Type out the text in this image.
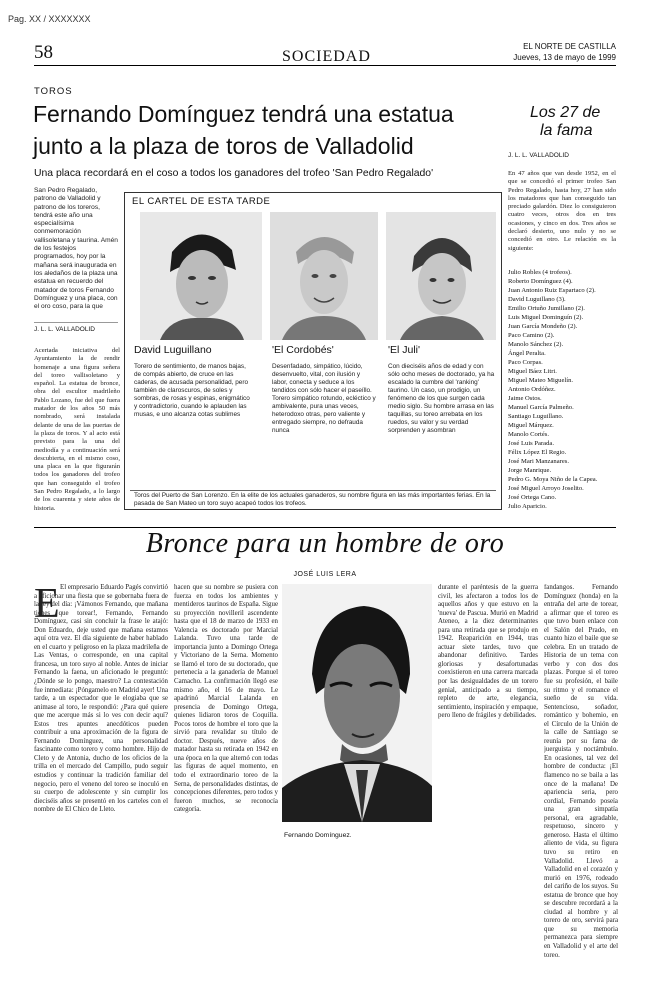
Pag. XX / XXXXXXX
58	SOCIEDAD
EL NORTE DE CASTILLA
Jueves, 13 de mayo de 1999
TOROS
Fernando Domínguez tendrá una estatua
junto a la plaza de toros de Valladolid
Una placa recordará en el coso a todos los ganadores del trofeo 'San Pedro Regalado'
Los 27 de
la fama
J. L. L. VALLADOLID
San Pedro Regalado, patrono de Valladolid y patrono de los toreros, tendrá este año una especialísima conmemoración vallisoletana y taurina. Amén de los festejos programados, hoy por la mañana será inaugurada en los aledaños de la plaza una estatua en recuerdo del matador de toros Fernando Domínguez y una placa, con el oro coso, para la que
J. L. L. VALLADOLID
Acertada iniciativa del Ayuntamiento la de rendir homenaje a una figura señera del toreo vallisoletano y español. La estatua de bronce, obra del escultor madrileño Pablo Lozano, fue del que fuera matador de los años 50 más nombrado, será instalada delante de una de las puertas de la plaza de toros. Y al acto está previsto para la una del mediodía y a continuación será descubierta, en el mismo coso, una placa en la que figurarán todos los ganadores del trofeo que han conseguido el trofeo San Pedro Regalado, a lo largo de los cuarenta y siete años de historia.
EL CARTEL DE ESTA TARDE
David Luguillano
Torero de sentimiento, de manos bajas, de compás abierto, de cruce en las caderas, de acusada personalidad, pero también de claroscuros, de soles y sombras, de rosas y espinas, enigmático y contradictorio, cuando le aplauden las musas, e uno alcanza cotas sublimes
'El Cordobés'
Desenfadado, simpático, lúcido, desenvuelto, vital, con ilusión y labor, conecta y seduce a los tendidos con sólo hacer el paseíllo. Torero simpático rotundo, ecléctico y ambivalente, pura unas veces, heterodoxo otras, pero valiente y entregado siempre, no defrauda nunca
'El Juli'
Con dieciséis años de edad y con sólo ocho meses de doctorado, ya ha escalado la cumbre del 'ranking' taurino. Un caso, un prodigio, un fenómeno de los que surgen cada medio siglo. Su hombre arrasa en las taquillas, su toreo arrebata en los ruedos, su valor y su verdad sorprenden y asombran
Toros del Puerto de San Lorenzo. En la elite de los actuales ganaderos, su nombre figura en las más importantes ferias. En la pasada de San Mateo un toro suyo acapeó todos los trofeos.
En 47 años que van desde 1952, en el que se concedió el primer trofeo San Pedro Regalado, hasta hoy, 27 han sido los matadores que han conseguido tan preciado galardón. Diez lo consiguieron cuatro veces, otros dos en tres ocasiones, y cinco en dos. Tres años se declaró desierto, uno nulo y no se concedió en otro. Le relación es la siguiente:
Julio Robles (4 trofeos).
Roberto Domínguez (4).
Juan Antonio Ruiz Espartaco (2).
David Luguillano (3).
Emilio Ortuño Jumillano (2).
Luis Miguel Dominguín (2).
Juan García Mondeño (2).
Paco Camino (2).
Manolo Sánchez (2).
Ángel Peralta.
Paco Corpas.
Miguel Báez Litri.
Miguel Mateo Miguelín.
Antonio Ordóñez.
Jaime Ostos.
Manuel García Palmeño.
Santiago Luguillano.
Miguel Márquez.
Manolo Cortés.
José Luis Parada.
Félix López El Regio.
José Mari Manzanares.
Jorge Manrique.
Pedro G. Moya Niño de la Capea.
José Miguel Arroyo Joselito.
José Ortega Cano.
Julio Aparicio.
Bronce para un hombre de oro
JOSÉ LUIS LERA
E El empresario Eduardo Pagés convirtió a aficionar una fiesta que se gobernaba fuera de la ley del día: ¡Vámonos Fernando, que mañana tienes que torear!, Fernando, Fernando Domínguez, casi sin concluir la frase le atajó: Don Eduardo, deje usted que mañana estamos aquí otra vez. El día siguiente de haber hablado en el cuarto y peligroso en la plaza madrileña de Las Ventas, o corresponde, en una capital francesa, un toro suyo al noble. Antes de iniciar Fernando la faena, un aficionado le preguntó: ¿Dónde se lo pongo, maestro? La contestación fue inmediata: ¡Póngamelo en Madrid ayer! Una tarde, a un espectador que le elogiaba que se animase al toro, le respondió: ¿Para qué quiere que me acerque más si lo ves con decir aquí? Estos tres apuntes anecdóticos pueden contribuir a una aproximación de la figura de Fernando Domínguez, una personalidad fascinante como torero y como hombre. Hijo de Cleto y de Antonia, ducho de los oficios de la trilla en el mercado del Campillo, pudo seguir estudios y continuar la tradición familiar del negocio, pero el veneno del toreo se inoculó en su cuerpo de adolescente y sin cumplir los dieciséis años se presentó en los carteles con el nombre de El Chico de Lleto.
hacen que su nombre se pusiera con fuerza en todos los ambientes y mentideros taurinos de España. Sigue su proyección novilleril ascendente hasta que el 18 de marzo de 1933 en Valencia es doctorado por Marcial Lalanda. Tuvo una tarde de importancia junto a Domingo Ortega y Victoriano de la Serna. Momento se llamó el toro de su doctorado, que pertenecía a la ganadería de Manuel Camacho. La confirmación llegó ese mismo año, el 16 de mayo. Le apadrinó Marcial Lalanda en presencia de Domingo Ortega, quienes lidiaron toros de Coquilla. Pocos toros de hombre el toro que la sirvió para revalidar su título de doctor. Después, nueve años de matador hasta su retirada en 1942 en una época en la que alternó con todas las figuras de aquel momento, en todo el extraordinario toreo de la Serna, de personalidades distintas, de concepciones diferentes, pero todos y fueron muchos, se reconocía categoría.
Fernando Domínguez.
durante el paréntesis de la guerra civil, les afectaron a todos los de aquellos años y que estuvo en la 'nueva' de Pascua. Murió en Madrid Ateneo, a la diez determinantes para una retirada que se produjo en 1942. Reaparición en 1944, tras actuar siete tardes, tuvo que abandonar definitivo. Tardes gloriosas y desafortunadas coexistieron en una carrera marcada por las desigualdades de un torero genial, anticipado a su tiempo, repleto de arte, elegancia, sentimiento, inspiración y empaque, pero lleno de frágiles y debilidades.
fandangos. Fernando Domínguez (honda) en la entraña del arte de torear, a afirmar que el toreo es que tuvo buen enlace con el Salón del Prado, en cuanto hizo el baile que se celebra. En un tratado de Historia de un tema con verbo y con dos dos plazas. Porque si el toreo fue su profesión, el baile su ritmo y el romance el sueño de su vida. Sentencioso, soñador, romántico y bohemio, en el Círculo de la Unión de la calle de Santiago se reunía por su fama de juerguista y noctámbulo. En ocasiones, tal vez del hombre de conducta: ¡El flamenco no se baila a las once de la mañana! De apariencia seria, pero cordial, Fernando poseía una gran simpatía personal, era agradable, respetuoso, sincero y generoso. Hasta el último aliento de vida, su figura tuvo su retiro en Valladolid. Llevó a Valladolid en el corazón y murió en 1976, rodeado del cariño de los suyos. Su estatua de bronce que hoy se descubre recordará a la ciudad al hombre y al torero de oro, servirá para que su memoria permanezca para siempre en Valladolid y el arte del toreo.
